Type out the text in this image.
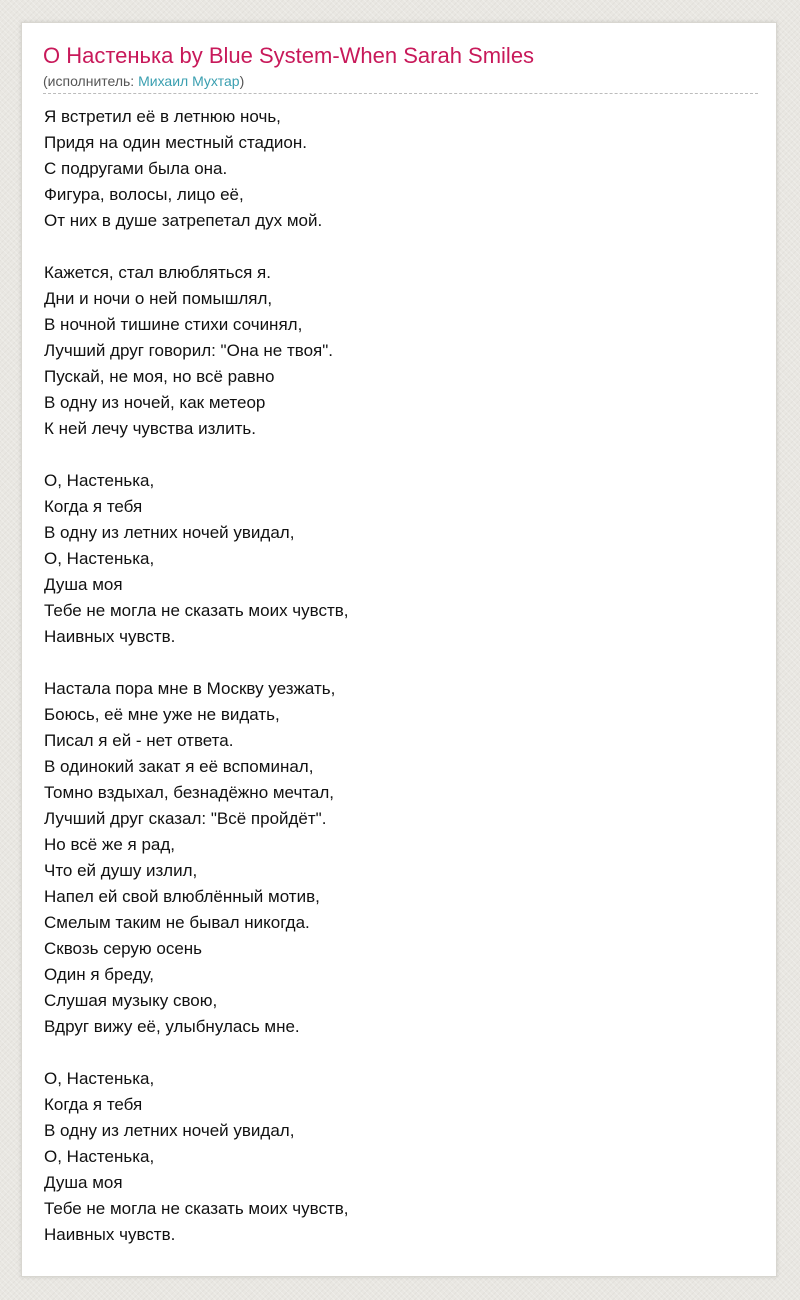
О Настенька by Blue System-When Sarah Smiles
(исполнитель: Михаил Мухтар)
Я встретил её в летнюю ночь,
Придя на один местный стадион.
С подругами была она.
Фигура, волосы, лицо её,
От них в душе затрепетал дух мой.
Кажется, стал влюбляться я.
Дни и ночи о ней помышлял,
В ночной тишине стихи сочинял,
Лучший друг говорил: "Она не твоя".
Пускай, не моя, но всё равно
В одну из ночей, как метеор
К ней лечу чувства излить.
О, Настенька,
Когда я тебя
В одну из летних ночей увидал,
О, Настенька,
Душа моя
Тебе не могла не сказать моих чувств,
Наивных чувств.
Настала пора мне в Москву уезжать,
Боюсь, её мне уже не видать,
Писал я ей - нет ответа.
В одинокий закат я её вспоминал,
Томно вздыхал, безнадёжно мечтал,
Лучший друг сказал: "Всё пройдёт".
Но всё же я рад,
Что ей душу излил,
Напел ей свой влюблённый мотив,
Смелым таким не бывал никогда.
Сквозь серую осень
Один я бреду,
Слушая музыку свою,
Вдруг вижу её, улыбнулась мне.
О, Настенька,
Когда я тебя
В одну из летних ночей увидал,
О, Настенька,
Душа моя
Тебе не могла не сказать моих чувств,
Наивных чувств.
